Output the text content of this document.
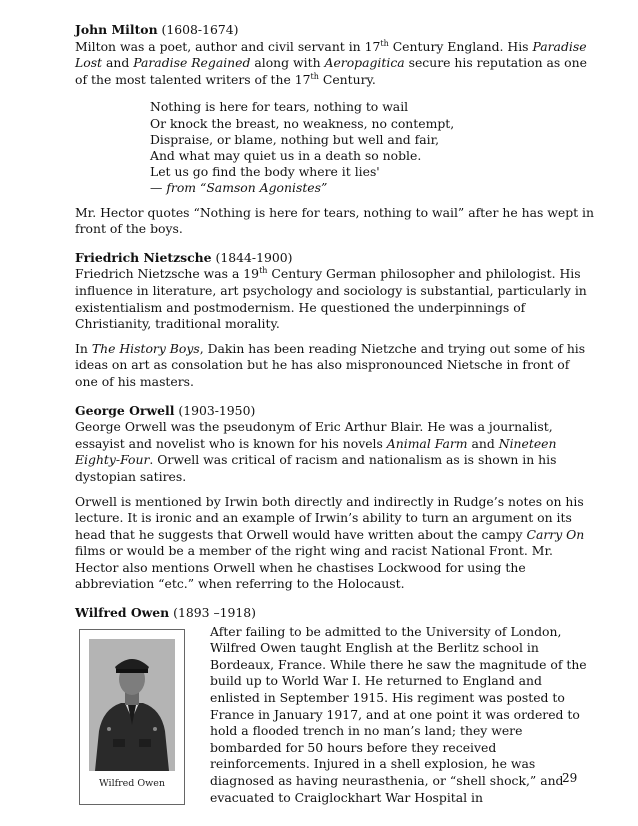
John Milton (1608-1674)

Milton was a poet, author and civil servant in 17th Century England. His Paradise Lost and Paradise Regained along with Aeropagitica secure his reputation as one of the most talented writers of the 17th Century.

Nothing is here for tears, nothing to wail
Or knock the breast, no weakness, no contempt,
Dispraise, or blame, nothing but well and fair,
And what may quiet us in a death so noble.
Let us go find the body where it lies'
— from “Samson Agonistes”

Mr. Hector quotes “Nothing is here for tears, nothing to wail” after he has wept in front of the boys.

Friedrich Nietzsche (1844-1900)

Friedrich Nietzsche was a 19th Century German philosopher and philologist. His influence in literature, art psychology and sociology is substantial, particularly in existentialism and postmodernism. He questioned the underpinnings of Christianity, traditional morality.

In The History Boys, Dakin has been reading Nietzche and trying out some of his ideas on art as consolation but he has also mispronounced Nietsche in front of one of his masters.

George Orwell (1903-1950)

George Orwell was the pseudonym of Eric Arthur Blair. He was a journalist, essayist and novelist who is known for his novels Animal Farm and Nineteen Eighty-Four. Orwell was critical of racism and nationalism as is shown in his dystopian satires.

Orwell is mentioned by Irwin both directly and indirectly in Rudge’s notes on his lecture. It is ironic and an example of Irwin’s ability to turn an argument on its head that he suggests that Orwell would have written about the campy Carry On films or would be a member of the right wing and racist National Front. Mr. Hector also mentions Orwell when he chastises Lockwood for using the abbreviation “etc.” when referring to the Holocaust.

Wilfred Owen (1893 –1918)

Wilfred Owen
After failing to be admitted to the University of London, Wilfred Owen taught English at the Berlitz school in Bordeaux, France. While there he saw the magnitude of the build up to World War I. He returned to England and enlisted in September 1915. His regiment was posted to France in January 1917, and at one point it was ordered to hold a flooded trench in no man’s land; they were bombarded for 50 hours before they received reinforcements. Injured in a shell explosion, he was diagnosed as having neurasthenia, or “shell shock,” and evacuated to Craiglockhart War Hospital in
29
